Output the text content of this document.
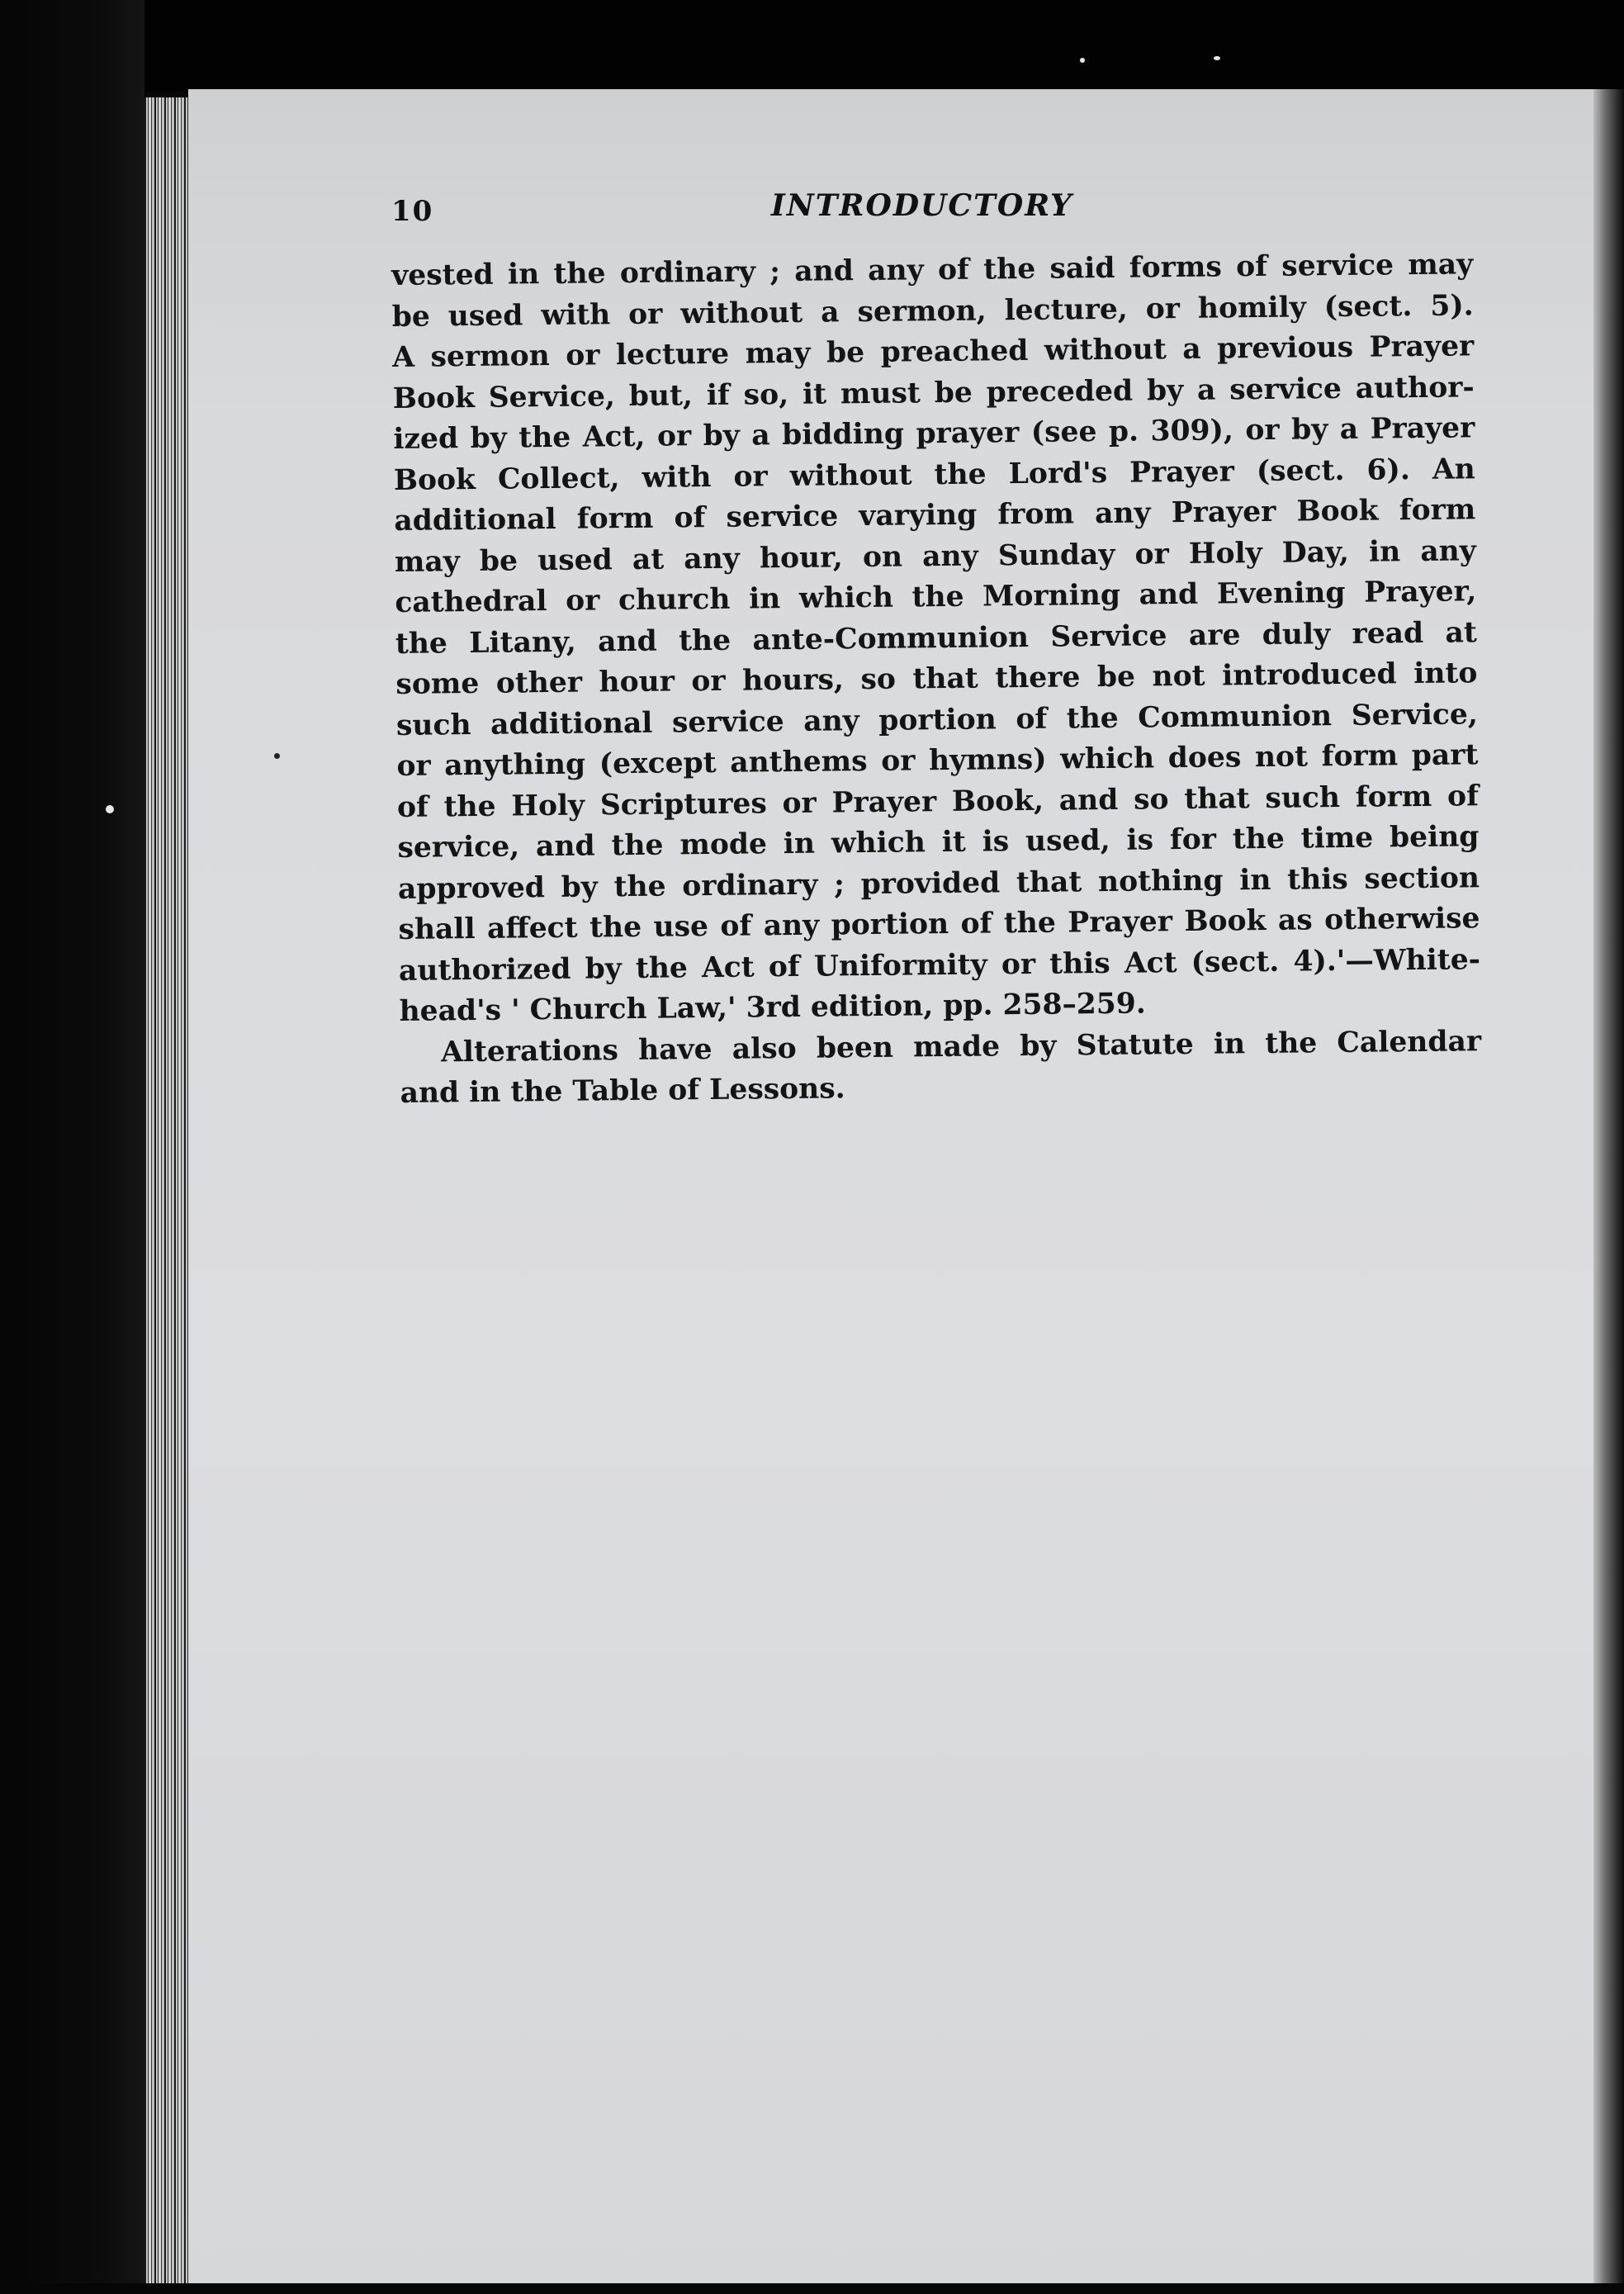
10	INTRODUCTORY
vested in the ordinary ; and any of the said forms of service may
be used with or without a sermon, lecture, or homily (sect. 5).
A sermon or lecture may be preached without a previous Prayer
Book Service, but, if so, it must be preceded by a service author-
ized by the Act, or by a bidding prayer (see p. 309), or by a Prayer
Book Collect, with or without the Lord's Prayer (sect. 6). An
additional form of service varying from any Prayer Book form
may be used at any hour, on any Sunday or Holy Day, in any
cathedral or church in which the Morning and Evening Prayer,
the Litany, and the ante-Communion Service are duly read at
some other hour or hours, so that there be not introduced into
such additional service any portion of the Communion Service,
or anything (except anthems or hymns) which does not form part
of the Holy Scriptures or Prayer Book, and so that such form of
service, and the mode in which it is used, is for the time being
approved by the ordinary ; provided that nothing in this section
shall affect the use of any portion of the Prayer Book as otherwise
authorized by the Act of Uniformity or this Act (sect. 4).'—White-
head's ' Church Law,' 3rd edition, pp. 258–259.
Alterations have also been made by Statute in the Calendar
and in the Table of Lessons.
